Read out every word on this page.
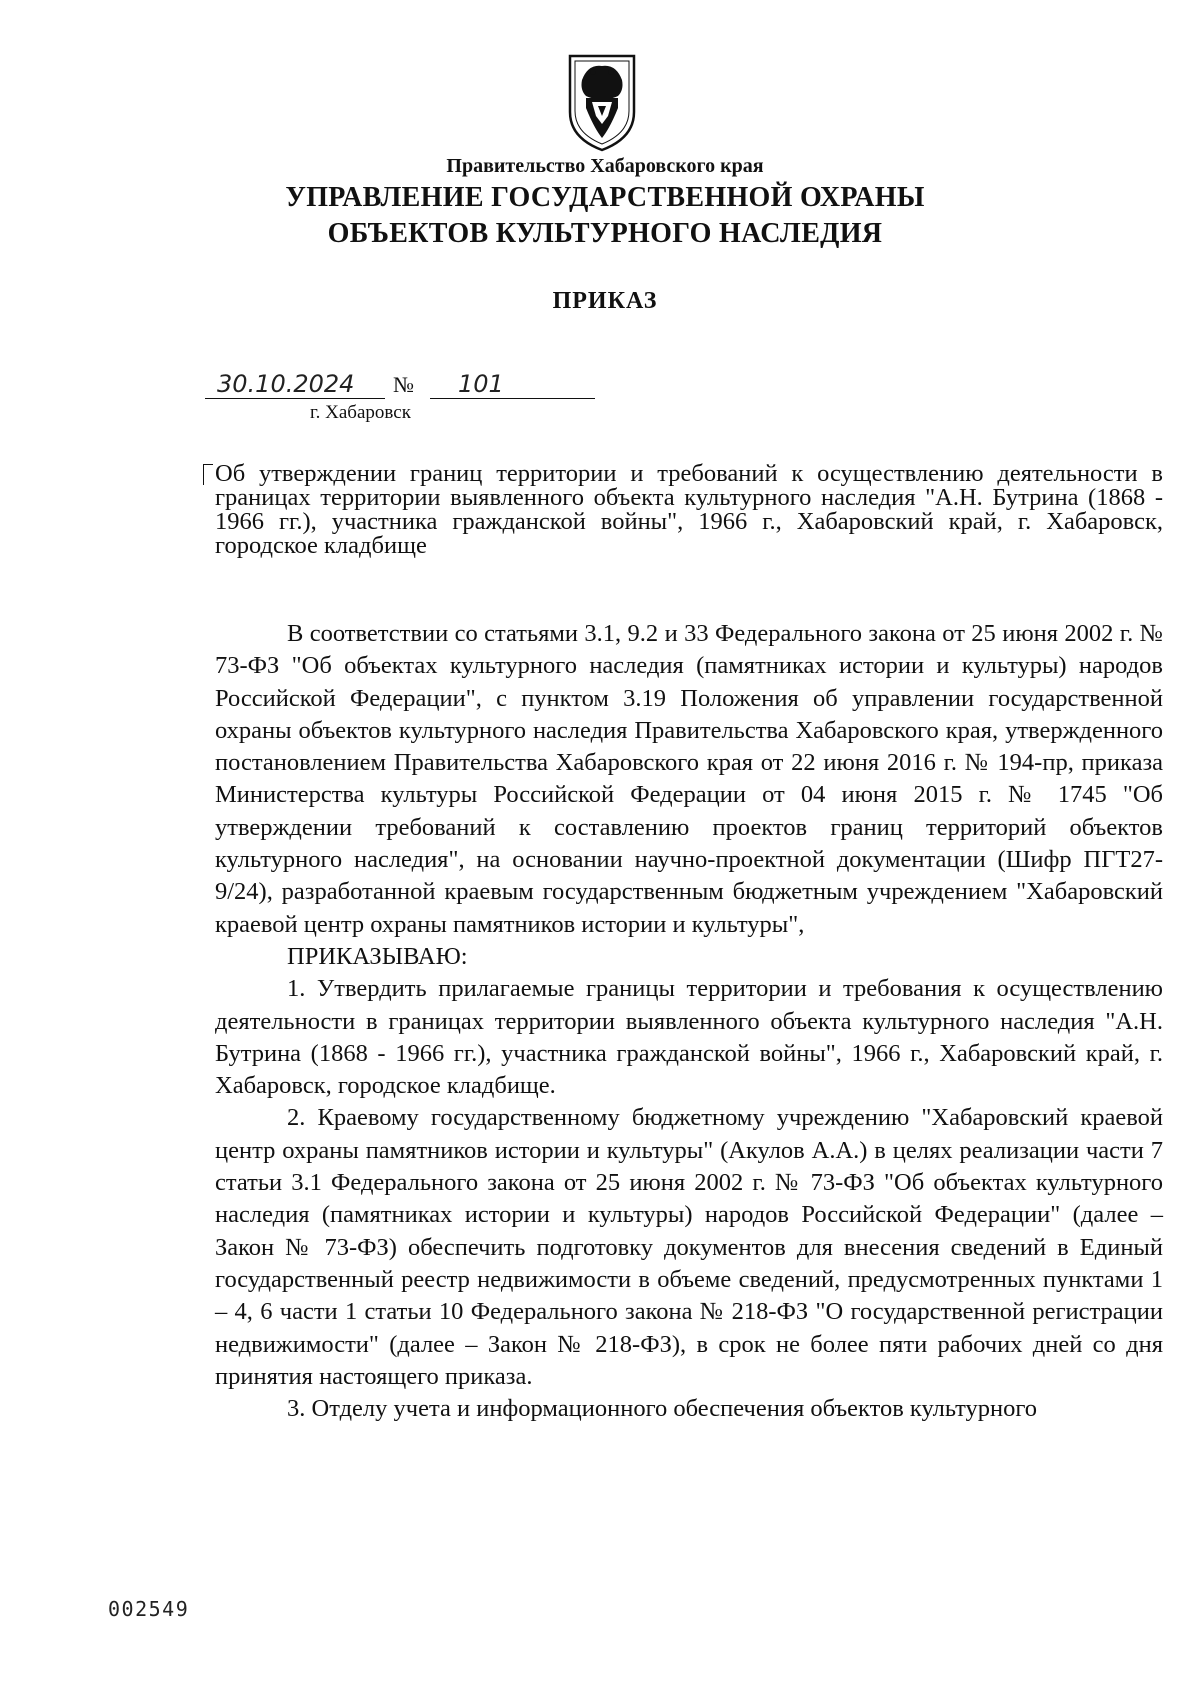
Правительство Хабаровского края
УПРАВЛЕНИЕ ГОСУДАРСТВЕННОЙ ОХРАНЫ
ОБЪЕКТОВ КУЛЬТУРНОГО НАСЛЕДИЯ
ПРИКАЗ
30.10.2024 № 101
г. Хабаровск
Об утверждении границ территории и требований к осуществлению деятельности в границах территории выявленного объекта культурного наследия "А.Н. Бутрина (1868 - 1966 гг.), участника гражданской войны", 1966 г., Хабаровский край, г. Хабаровск, городское кладбище

В соответствии со статьями 3.1, 9.2 и 33 Федерального закона от 25 июня 2002 г. № 73-ФЗ "Об объектах культурного наследия (памятниках истории и культуры) народов Российской Федерации", с пунктом 3.19 Положения об управлении государственной охраны объектов культурного наследия Правительства Хабаровского края, утвержденного постановлением Правительства Хабаровского края от 22 июня 2016 г. № 194-пр, приказа Министерства культуры Российской Федерации от 04 июня 2015 г. № 1745 "Об утверждении требований к составлению проектов границ территорий объектов культурного наследия", на основании научно-проектной документации (Шифр ПГТ27-9/24), разработанной краевым государственным бюджетным учреждением "Хабаровский краевой центр охраны памятников истории и культуры",

ПРИКАЗЫВАЮ:

1. Утвердить прилагаемые границы территории и требования к осуществлению деятельности в границах территории выявленного объекта культурного наследия "А.Н. Бутрина (1868 - 1966 гг.), участника гражданской войны", 1966 г., Хабаровский край, г. Хабаровск, городское кладбище.

2. Краевому государственному бюджетному учреждению "Хабаровский краевой центр охраны памятников истории и культуры" (Акулов А.А.) в целях реализации части 7 статьи 3.1 Федерального закона от 25 июня 2002 г. № 73-ФЗ "Об объектах культурного наследия (памятниках истории и культуры) народов Российской Федерации" (далее – Закон № 73-ФЗ) обеспечить подготовку документов для внесения сведений в Единый государственный реестр недвижимости в объеме сведений, предусмотренных пунктами 1 – 4, 6 части 1 статьи 10 Федерального закона № 218-ФЗ "О государственной регистрации недвижимости" (далее – Закон № 218-ФЗ), в срок не более пяти рабочих дней со дня принятия настоящего приказа.

3. Отделу учета и информационного обеспечения объектов культурного

002549
